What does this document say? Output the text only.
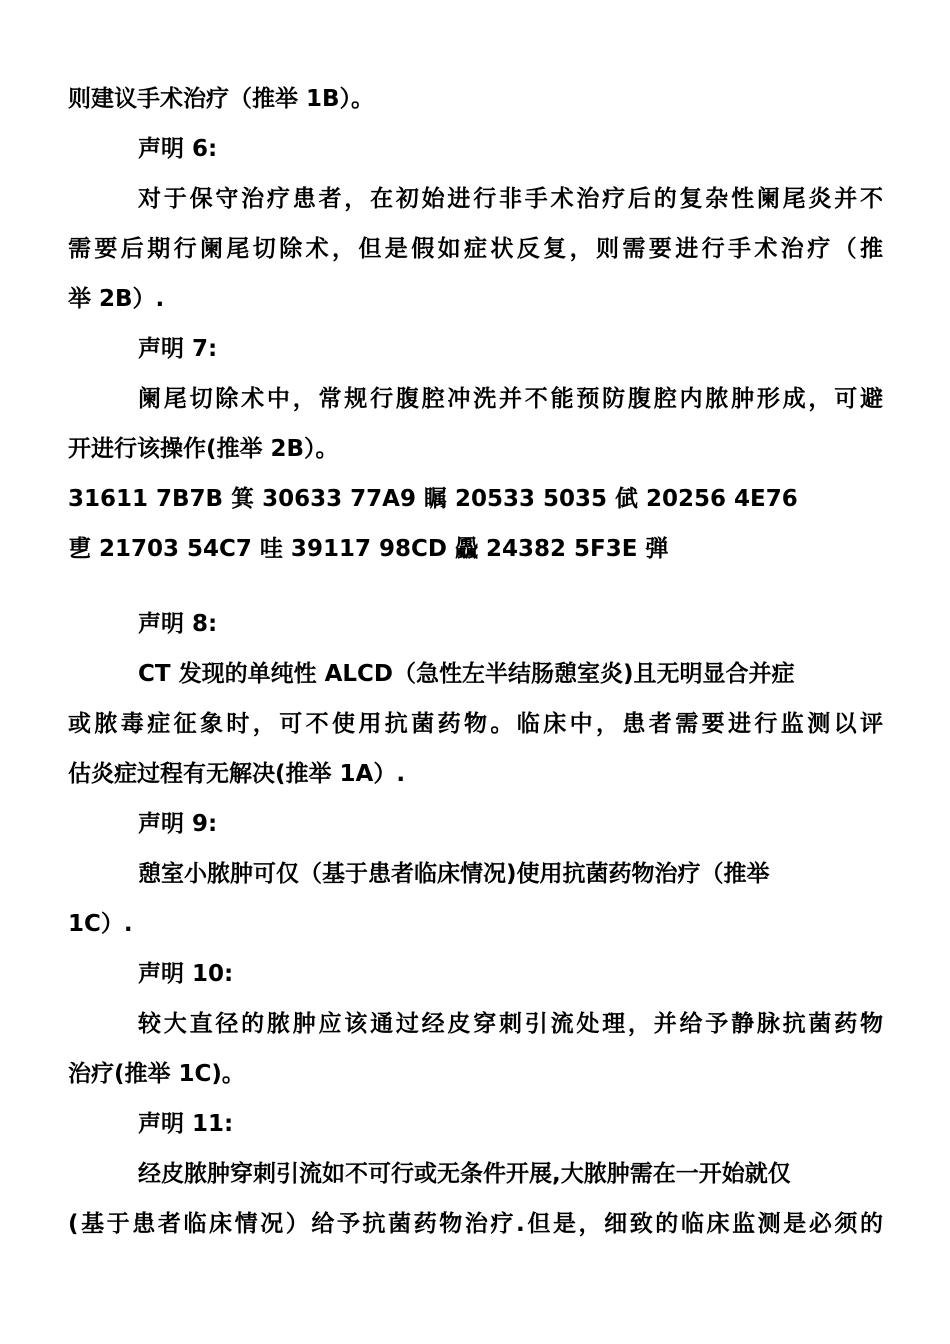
则建议手术治疗（推举 1B）。
声明 6:
对于保守治疗患者，在初始进行非手术治疗后的复杂性阑尾炎并不
需要后期行阑尾切除术，但是假如症状反复，则需要进行手术治疗（推
举 2B）.
声明 7:
阑尾切除术中，常规行腹腔冲洗并不能预防腹腔内脓肿形成，可避
开进行该操作(推举 2B）。
31611 7B7B 箕 30633 77A9 瞩 20533 5035 倵 20256 4E76
乶 21703 54C7 哇 39117 98CD 飍 24382 5F3E 弾
声明 8:
CT 发现的单纯性 ALCD（急性左半结肠憩室炎)且无明显合并症
或脓毒症征象时，可不使用抗菌药物。临床中，患者需要进行监测以评
估炎症过程有无解决(推举 1A）.
声明 9:
憩室小脓肿可仅（基于患者临床情况)使用抗菌药物治疗（推举
1C）.
声明 10:
较大直径的脓肿应该通过经皮穿刺引流处理，并给予静脉抗菌药物
治疗(推举 1C)。
声明 11:
经皮脓肿穿刺引流如不可行或无条件开展,大脓肿需在一开始就仅
(基于患者临床情况）给予抗菌药物治疗.但是，细致的临床监测是必须的
